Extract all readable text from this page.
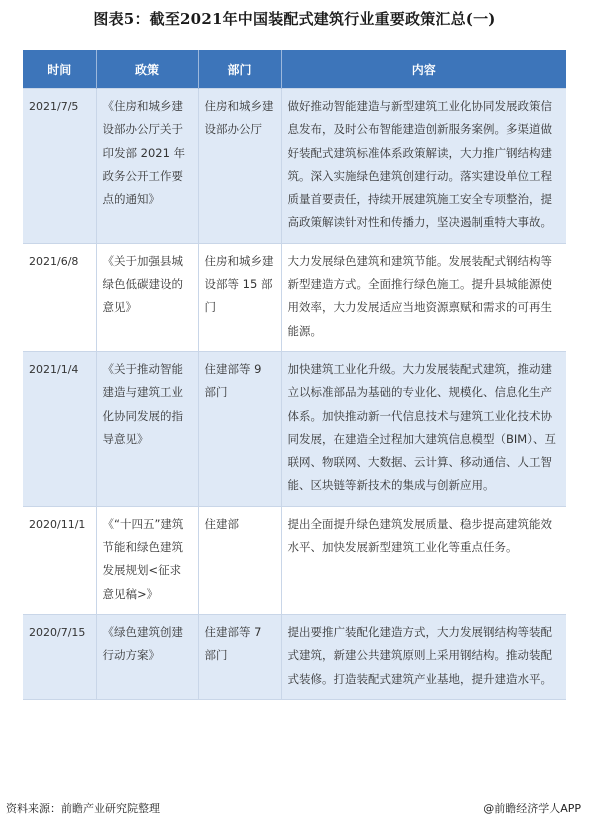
图表5：截至2021年中国装配式建筑行业重要政策汇总(一)
时间	政策	部门	内容
2021/7/5	《住房和城乡建设部办公厅关于印发部 2021 年政务公开工作要点的通知》	住房和城乡建设部办公厅	做好推动智能建造与新型建筑工业化协同发展政策信息发布，及时公布智能建造创新服务案例。多渠道做好装配式建筑标准体系政策解读，大力推广钢结构建筑。深入实施绿色建筑创建行动。落实建设单位工程质量首要责任，持续开展建筑施工安全专项整治，提高政策解读针对性和传播力，坚决遏制重特大事故。
2021/6/8	《关于加强县城绿色低碳建设的意见》	住房和城乡建设部等 15 部门	大力发展绿色建筑和建筑节能。发展装配式钢结构等新型建造方式。全面推行绿色施工。提升县城能源使用效率，大力发展适应当地资源禀赋和需求的可再生能源。
2021/1/4	《关于推动智能建造与建筑工业化协同发展的指导意见》	住建部等 9 部门	加快建筑工业化升级。大力发展装配式建筑，推动建立以标准部品为基础的专业化、规模化、信息化生产体系。加快推动新一代信息技术与建筑工业化技术协同发展，在建造全过程加大建筑信息模型（BIM）、互联网、物联网、大数据、云计算、移动通信、人工智能、区块链等新技术的集成与创新应用。
2020/11/1	《“十四五”建筑节能和绿色建筑发展规划<征求意见稿>》	住建部	提出全面提升绿色建筑发展质量、稳步提高建筑能效水平、加快发展新型建筑工业化等重点任务。
2020/7/15	《绿色建筑创建行动方案》	住建部等 7 部门	提出要推广装配化建造方式，大力发展钢结构等装配式建筑，新建公共建筑原则上采用钢结构。推动装配式装修。打造装配式建筑产业基地，提升建造水平。
资料来源：前瞻产业研究院整理	@前瞻经济学人APP
